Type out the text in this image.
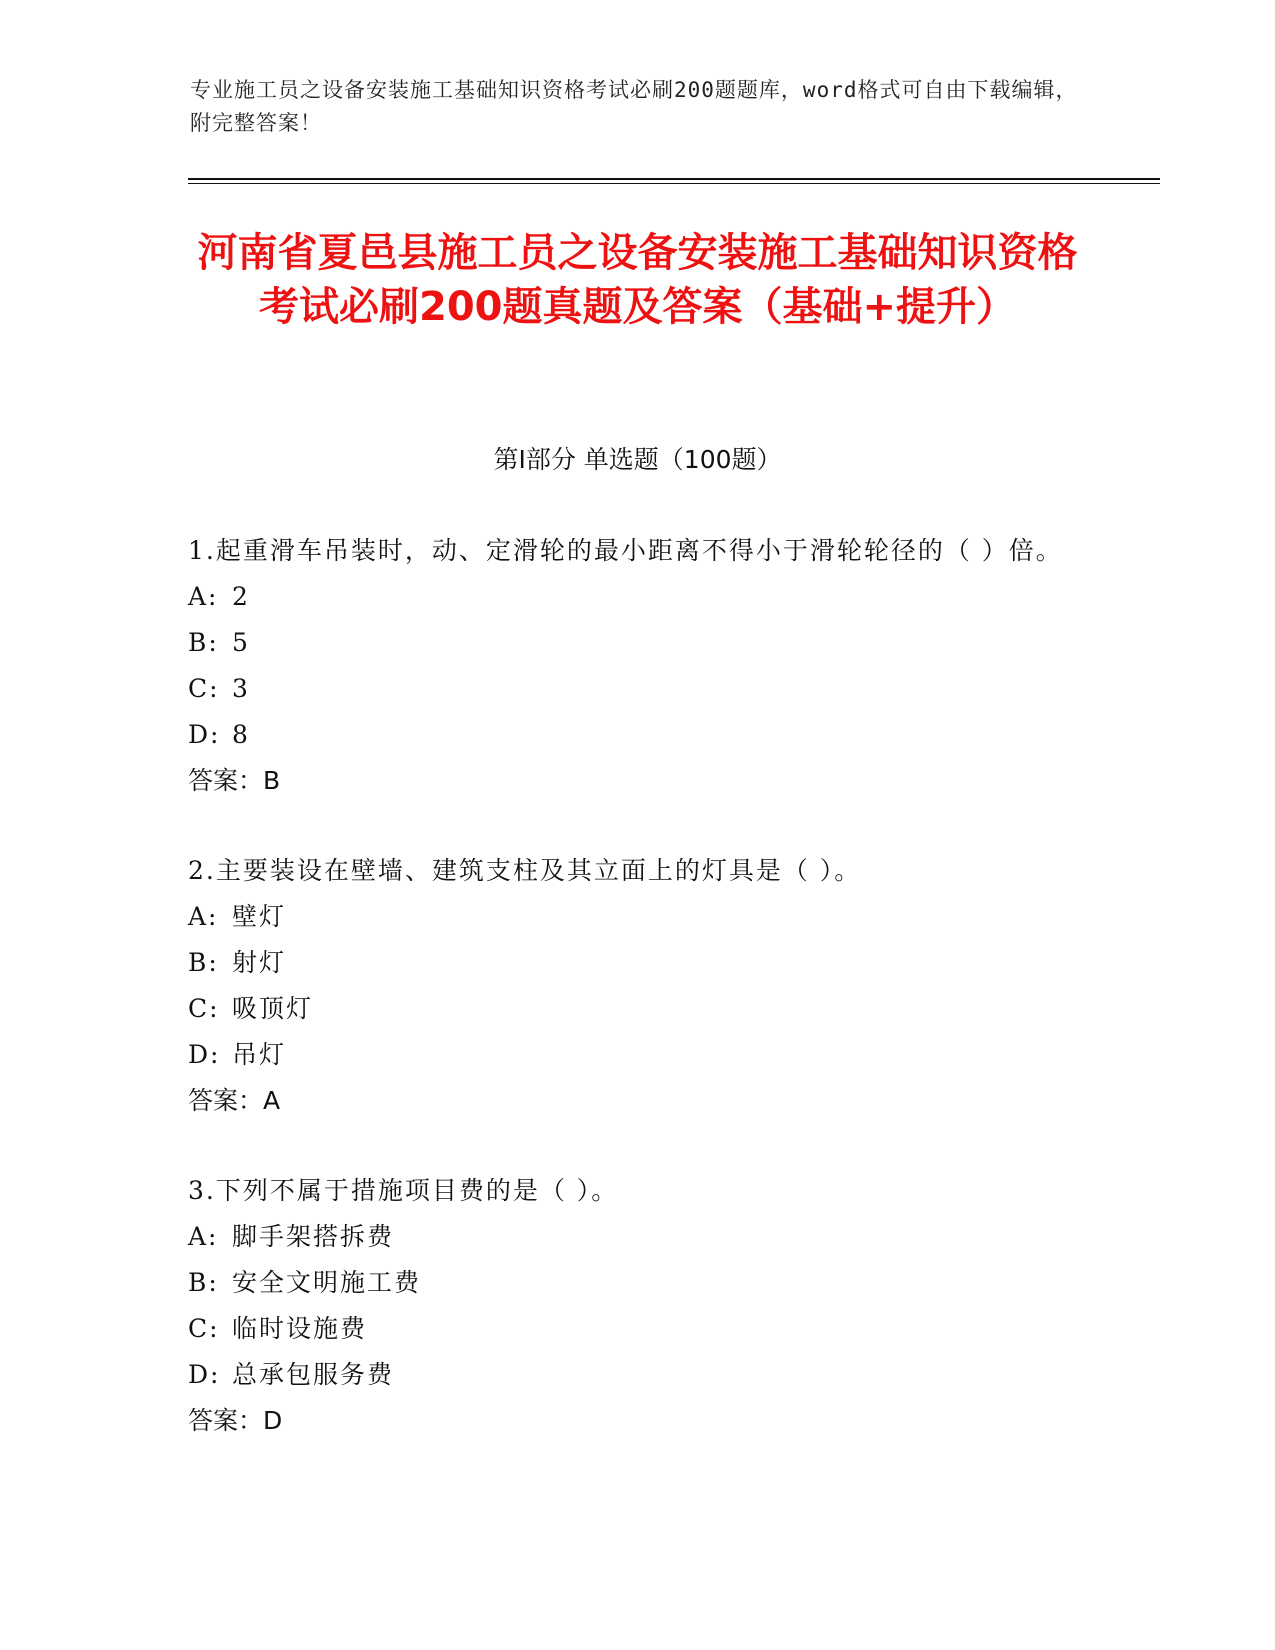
专业施工员之设备安装施工基础知识资格考试必刷200题题库，word格式可自由下载编辑，附完整答案！
河南省夏邑县施工员之设备安装施工基础知识资格考试必刷200题真题及答案（基础+提升）
第Ⅰ部分 单选题（100题）
1.起重滑车吊装时，动、定滑轮的最小距离不得小于滑轮轮径的（ ）倍。
A: 2
B: 5
C: 3
D: 8
答案：B
2.主要装设在壁墙、建筑支柱及其立面上的灯具是（ ）。
A: 壁灯
B: 射灯
C: 吸顶灯
D: 吊灯
答案：A
3.下列不属于措施项目费的是（ ）。
A: 脚手架搭拆费
B: 安全文明施工费
C: 临时设施费
D: 总承包服务费
答案：D
